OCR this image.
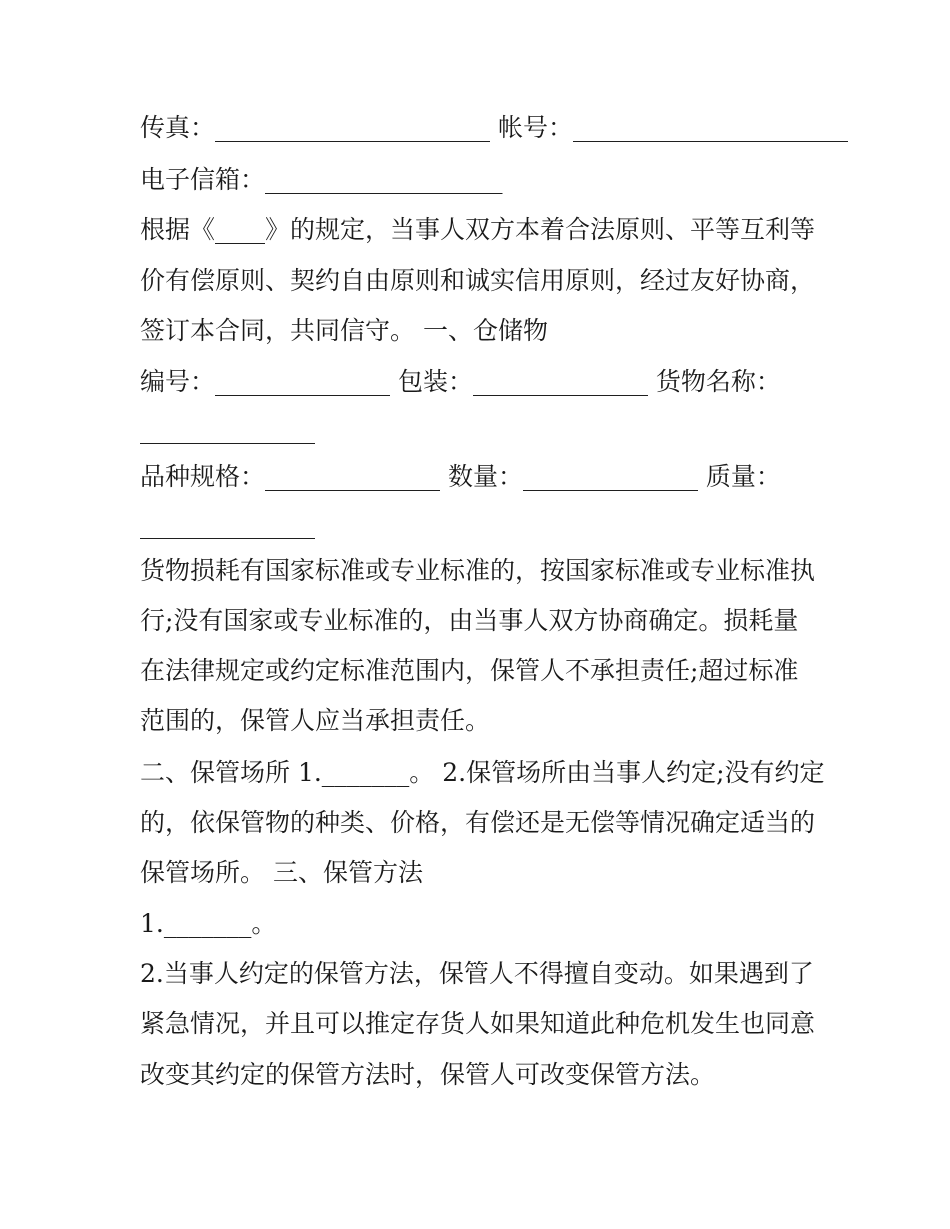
传真：______________________ 帐号：______________________
电子信箱：___________________
根据《____》的规定，当事人双方本着合法原则、平等互利等
价有偿原则、契约自由原则和诚实信用原则，经过友好协商，
签订本合同，共同信守。 一、仓储物
编号：______________ 包装：______________ 货物名称：
______________
品种规格：______________ 数量：______________ 质量：
______________
货物损耗有国家标准或专业标准的，按国家标准或专业标准执
行;没有国家或专业标准的，由当事人双方协商确定。损耗量
在法律规定或约定标准范围内，保管人不承担责任;超过标准
范围的，保管人应当承担责任。
二、保管场所 1._______。 2.保管场所由当事人约定;没有约定
的，依保管物的种类、价格，有偿还是无偿等情况确定适当的
保管场所。 三、保管方法
1._______。
2.当事人约定的保管方法，保管人不得擅自变动。如果遇到了
紧急情况，并且可以推定存货人如果知道此种危机发生也同意
改变其约定的保管方法时，保管人可改变保管方法。
